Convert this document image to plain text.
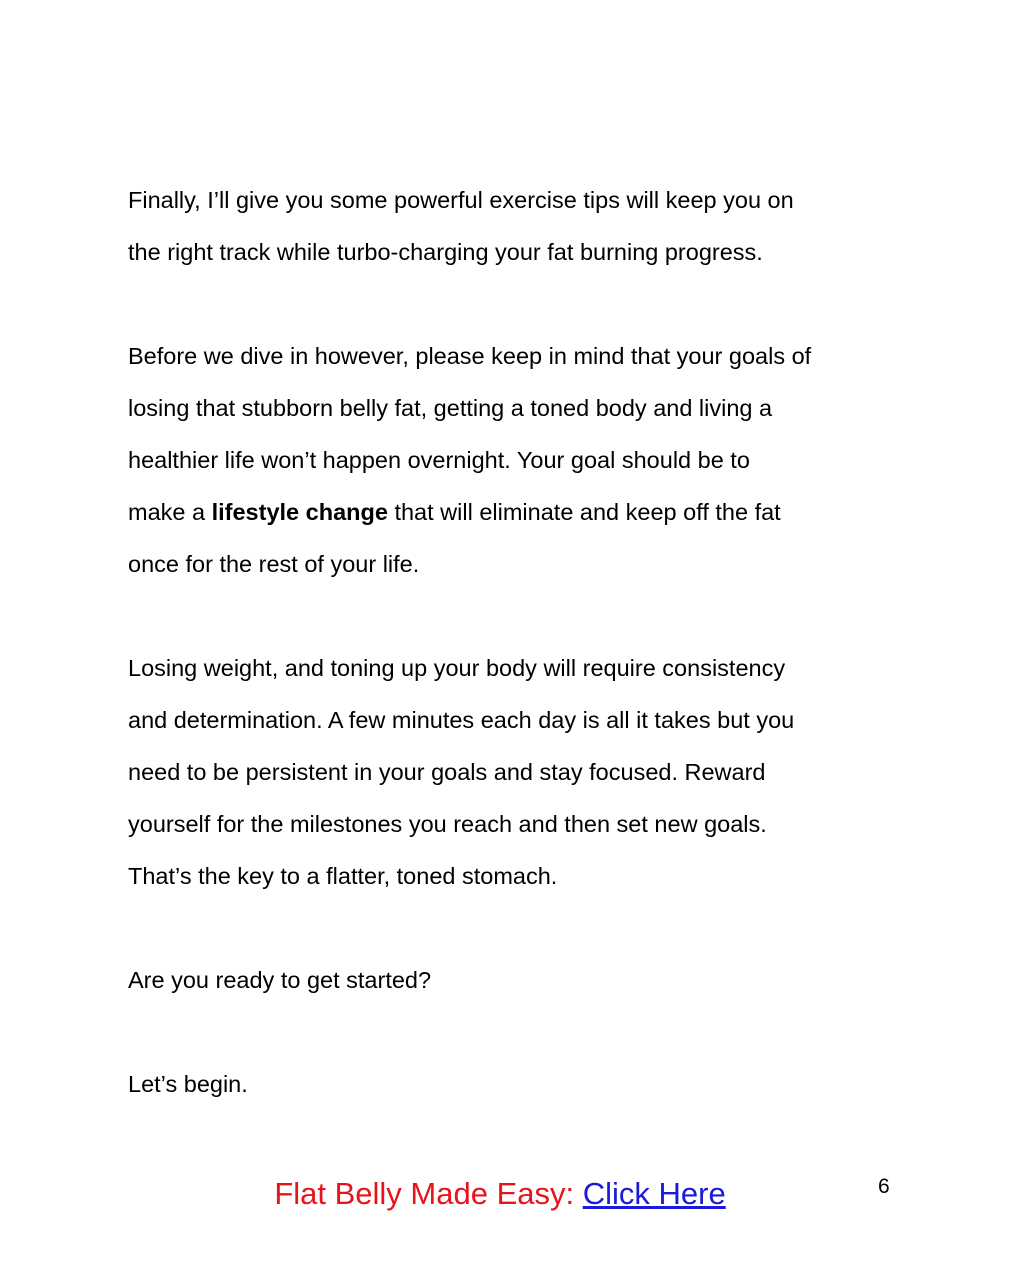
Finally, I’ll give you some powerful exercise tips will keep you on
the right track while turbo-charging your fat burning progress.

Before we dive in however, please keep in mind that your goals of
losing that stubborn belly fat, getting a toned body and living a
healthier life won’t happen overnight. Your goal should be to
make a lifestyle change that will eliminate and keep off the fat
once for the rest of your life.

Losing weight, and toning up your body will require consistency
and determination. A few minutes each day is all it takes but you
need to be persistent in your goals and stay focused. Reward
yourself for the milestones you reach and then set new goals.
That’s the key to a flatter, toned stomach.

Are you ready to get started?

Let’s begin.

Flat Belly Made Easy: Click Here	6
